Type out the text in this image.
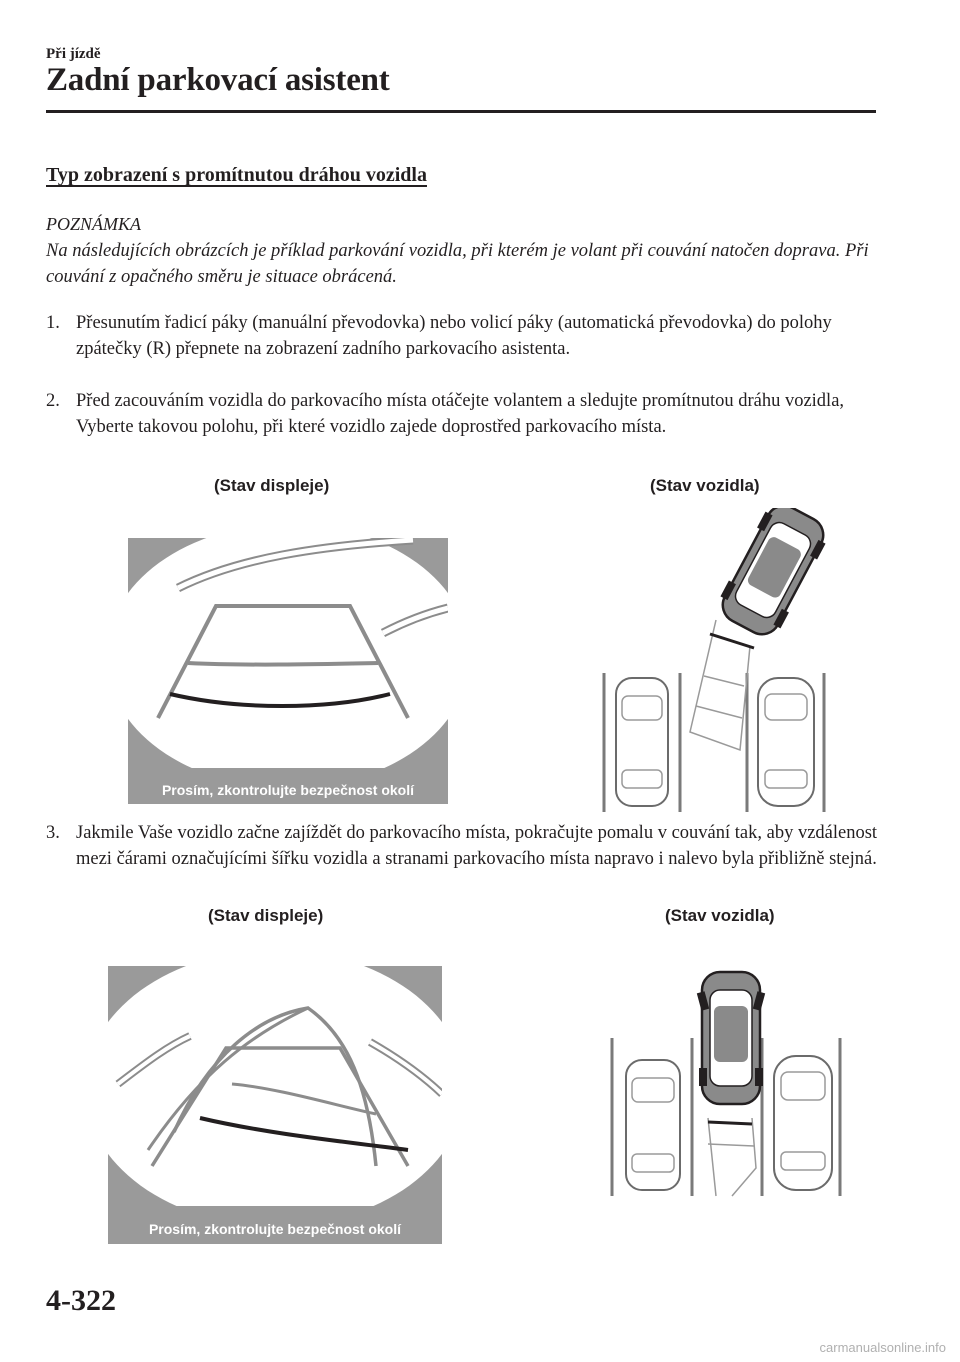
Při jízdě
Zadní parkovací asistent
Typ zobrazení s promítnutou dráhou vozidla
POZNÁMKA
Na následujících obrázcích je příklad parkování vozidla, při kterém je volant při couvání natočen doprava. Při couvání z opačného směru je situace obrácená.
1. Přesunutím řadicí páky (manuální převodovka) nebo volicí páky (automatická převodovka) do polohy zpátečky (R) přepnete na zobrazení zadního parkovacího asistenta.
2. Před zacouváním vozidla do parkovacího místa otáčejte volantem a sledujte promítnutou dráhu vozidla, Vyberte takovou polohu, při které vozidlo zajede doprostřed parkovacího místa.
(Stav displeje)	(Stav vozidla)
Prosím, zkontrolujte bezpečnost okolí
3. Jakmile Vaše vozidlo začne zajíždět do parkovacího místa, pokračujte pomalu v couvání tak, aby vzdálenost mezi čárami označujícími šířku vozidla a stranami parkovacího místa napravo i nalevo byla přibližně stejná.
(Stav displeje)	(Stav vozidla)
Prosím, zkontrolujte bezpečnost okolí
4-322
carmanualsonline.info
